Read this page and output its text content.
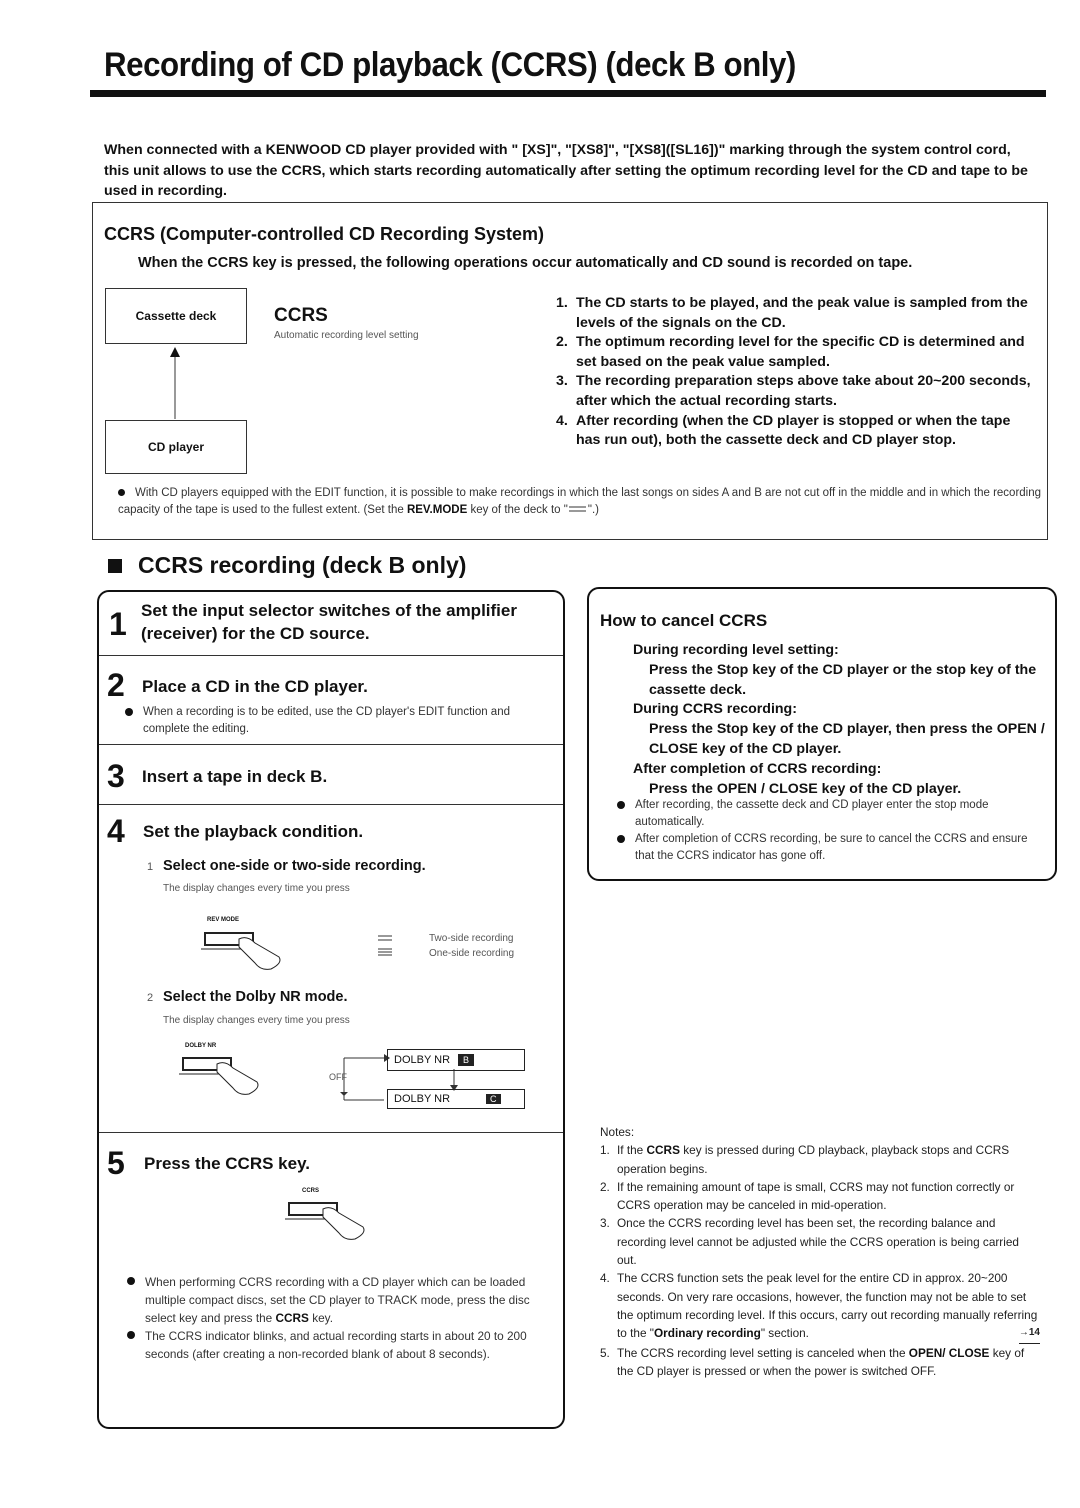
Recording of CD playback (CCRS) (deck B only)
When connected with a KENWOOD CD player provided with " [XS]", "[XS8]", "[XS8]([SL16])" marking through the system control cord, this unit allows to use the CCRS, which starts recording automatically after setting the optimum recording level for the CD and tape to be used in recording.
CCRS (Computer-controlled CD Recording System)
When the CCRS key is pressed, the following operations occur automatically and CD sound is recorded on tape.
Cassette deck
CD player
CCRS
Automatic recording level setting
1. The CD starts to be played, and the peak value is sampled from the levels of the signals on the CD.
2. The optimum recording level for the specific CD is determined and set based on the peak value sampled.
3. The recording preparation steps above take about 20~200 seconds, after which the actual recording starts.
4. After recording (when the CD player is stopped or when the tape has run out), both the cassette deck and CD player stop.
With CD players equipped with the EDIT function, it is possible to make recordings in which the last songs on sides A and B are not cut off in the middle and in which the recording capacity of the tape is used to the fullest extent. (Set the REV.MODE key of the deck to " ".)
CCRS recording (deck B only)
1 Set the input selector switches of the amplifier (receiver) for the CD source.
2 Place a CD in the CD player.
When a recording is to be edited, use the CD player's EDIT function and complete the editing.
3 Insert a tape in deck B.
4 Set the playback condition.
1 Select one-side or two-side recording.
The display changes every time you press
REV MODE
Two-side recording
One-side recording
2 Select the Dolby NR mode.
The display changes every time you press
DOLBY NR
DOLBY NR	B
OFF
DOLBY NR	C
5 Press the CCRS key.
CCRS
When performing CCRS recording with a CD player which can be loaded multiple compact discs, set the CD player to TRACK mode, press the disc select key and press the CCRS key.
The CCRS indicator blinks, and actual recording starts in about 20 to 200 seconds (after creating a non-recorded blank of about 8 seconds).
How to cancel CCRS
During recording level setting:
Press the Stop key of the CD player or the stop key of the cassette deck.
During CCRS recording:
Press the Stop key of the CD player, then press the OPEN / CLOSE key of the CD player.
After completion of CCRS recording:
Press the OPEN / CLOSE key of the CD player.
After recording, the cassette deck and CD player enter the stop mode automatically.
After completion of CCRS recording, be sure to cancel the CCRS and ensure that the CCRS indicator has gone off.
Notes:
1. If the CCRS key is pressed during CD playback, playback stops and CCRS operation begins.
2. If the remaining amount of tape is small, CCRS may not function correctly or CCRS operation may be canceled in mid-operation.
3. Once the CCRS recording level has been set, the recording balance and recording level cannot be adjusted while the CCRS operation is being carried out.
4. The CCRS function sets the peak level for the entire CD in approx. 20~200 seconds. On very rare occasions, however, the function may not be able to set the optimum recording level. If this occurs, carry out recording manually referring to the "Ordinary recording" section.	→14
5. The CCRS recording level setting is canceled when the OPEN/ CLOSE key of the CD player is pressed or when the power is switched OFF.
